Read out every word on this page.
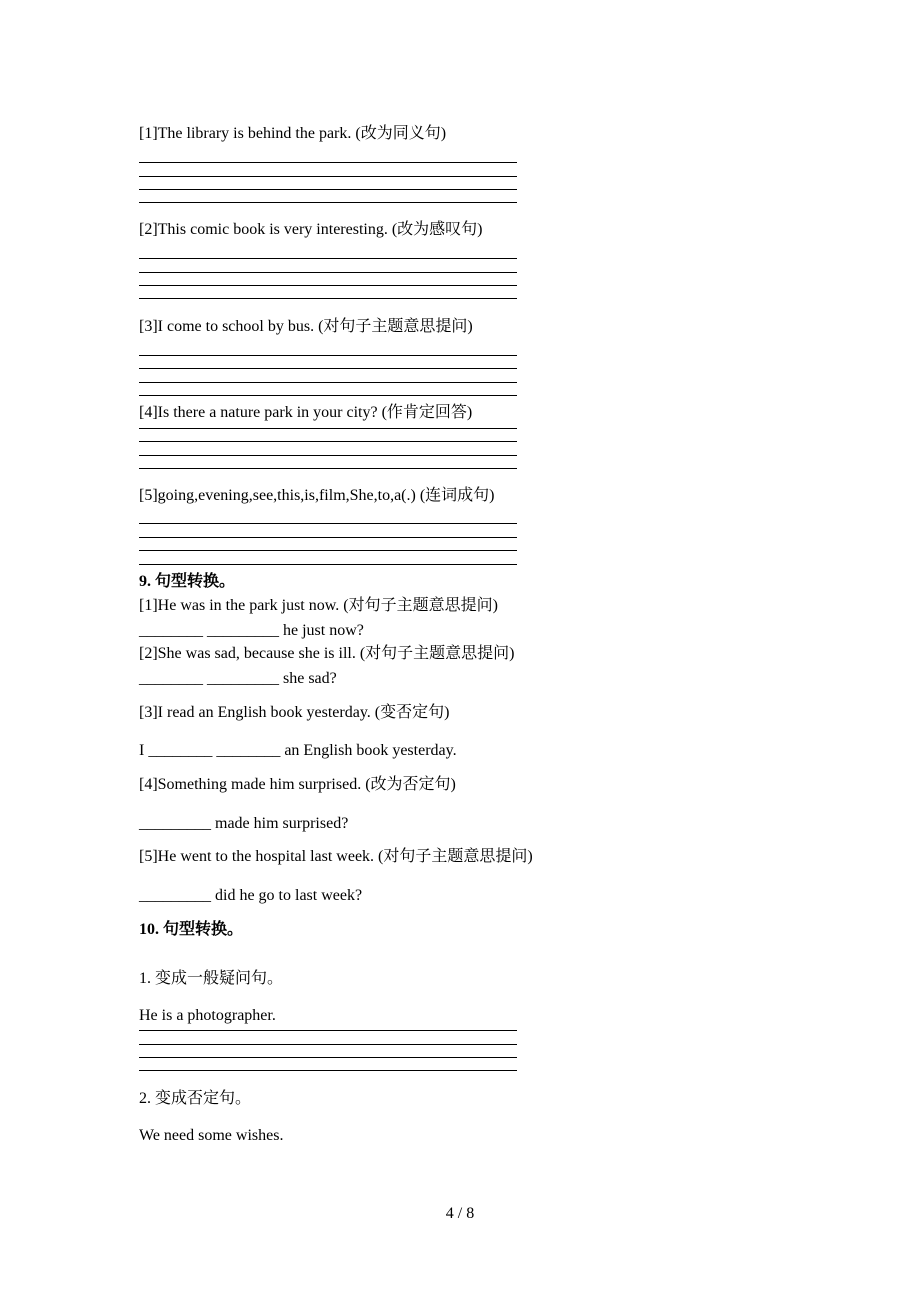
[1]The library is behind the park. (改为同义句)
[2]This comic book is very interesting. (改为感叹句)
[3]I come to school by bus. (对句子主题意思提问)
[4]Is there a nature park in your city? (作肯定回答)
[5]going,evening,see,this,is,film,She,to,a(.) (连词成句)
9. 句型转换。
[1]He was in the park just now. (对句子主题意思提问)
________ _________ he just now?
[2]She was sad, because she is ill. (对句子主题意思提问)
________ _________ she sad?
[3]I read an English book yesterday. (变否定句)
I ________ ________ an English book yesterday.
[4]Something made him surprised. (改为否定句)
_________ made him surprised?
[5]He went to the hospital last week. (对句子主题意思提问)
_________ did he go to last week?
10. 句型转换。
1. 变成一般疑问句。
He is a photographer.
2. 变成否定句。
We need some wishes.
4 / 8
